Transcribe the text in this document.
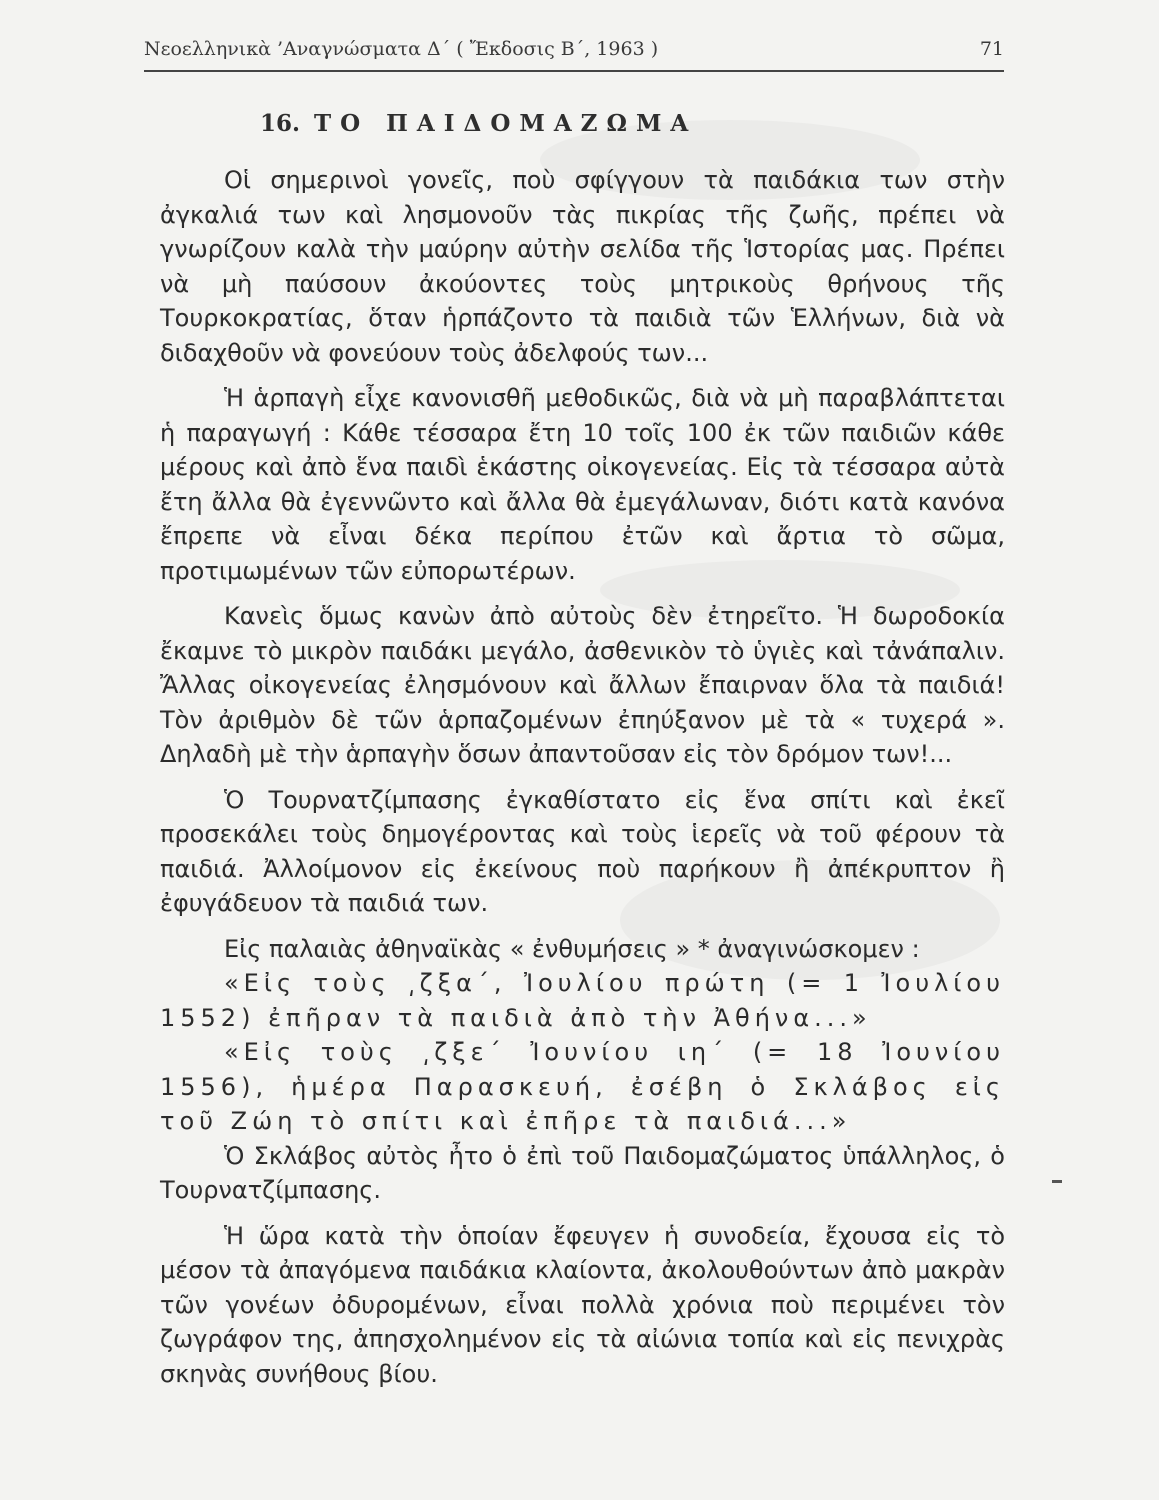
Νεοελληνικὰ ’Αναγνώσματα Δ΄ ( Ἔκδοσις Β΄, 1963 )	71
16. ΤΟ ΠΑΙΔΟΜΑΖΩΜΑ

Οἱ σημερινοὶ γονεῖς, ποὺ σφίγγουν τὰ παιδάκια των στὴν ἀγκαλιά των καὶ λησμονοῦν τὰς πικρίας τῆς ζωῆς, πρέπει νὰ γνωρίζουν καλὰ τὴν μαύρην αὐτὴν σελίδα τῆς Ἱστορίας μας. Πρέπει νὰ μὴ παύσουν ἀκούοντες τοὺς μητρικοὺς θρήνους τῆς Τουρκοκρατίας, ὅταν ἡρπάζοντο τὰ παιδιὰ τῶν Ἑλλήνων, διὰ νὰ διδαχθοῦν νὰ φονεύουν τοὺς ἀδελφούς των...

Ἡ ἁρπαγὴ εἶχε κανονισθῆ μεθοδικῶς, διὰ νὰ μὴ παραβλάπτεται ἡ παραγωγή : Κάθε τέσσαρα ἔτη 10 τοῖς 100 ἐκ τῶν παιδιῶν κάθε μέρους καὶ ἀπὸ ἕνα παιδὶ ἑκάστης οἰκογενείας. Εἰς τὰ τέσσαρα αὐτὰ ἔτη ἄλλα θὰ ἐγεννῶντο καὶ ἄλλα θὰ ἐμεγάλωναν, διότι κατὰ κανόνα ἔπρεπε νὰ εἶναι δέκα περίπου ἐτῶν καὶ ἄρτια τὸ σῶμα, προτιμωμένων τῶν εὐπορωτέρων.

Κανεὶς ὅμως κανὼν ἀπὸ αὐτοὺς δὲν ἐτηρεῖτο. Ἡ δωροδοκία ἔκαμνε τὸ μικρὸν παιδάκι μεγάλο, ἀσθενικὸν τὸ ὑγιὲς καὶ τἀνάπαλιν. Ἄλλας οἰκογενείας ἐλησμόνουν καὶ ἄλλων ἔπαιρναν ὅλα τὰ παιδιά! Τὸν ἀριθμὸν δὲ τῶν ἁρπαζομένων ἐπηύξανον μὲ τὰ « τυχερά ». Δηλαδὴ μὲ τὴν ἁρπαγὴν ὅσων ἀπαντοῦσαν εἰς τὸν δρόμον των!...

Ὁ Τουρνατζίμπασης ἐγκαθίστατο εἰς ἕνα σπίτι καὶ ἐκεῖ προσεκάλει τοὺς δημογέροντας καὶ τοὺς ἱερεῖς νὰ τοῦ φέρουν τὰ παιδιά. Ἀλλοίμονον εἰς ἐκείνους ποὺ παρήκουν ἢ ἀπέκρυπτον ἢ ἐφυγάδευον τὰ παιδιά των.

Εἰς παλαιὰς ἀθηναϊκὰς « ἐνθυμήσεις » * ἀναγινώσκομεν :

«Εἰς τοὺς ͵ζξα΄, Ἰουλίου πρώτη (= 1 Ἰουλίου 1552) ἐπῆραν τὰ παιδιὰ ἀπὸ τὴν Ἀθήνα...»

«Εἰς τοὺς ͵ζξε΄ Ἰουνίου ιη΄ (= 18 Ἰουνίου 1556), ἡμέρα Παρασκευή, ἐσέβη ὁ Σκλάβος εἰς τοῦ Ζώη τὸ σπίτι καὶ ἐπῆρε τὰ παιδιά...»

Ὁ Σκλάβος αὐτὸς ἦτο ὁ ἐπὶ τοῦ Παιδομαζώματος ὑπάλληλος, ὁ Τουρνατζίμπασης.

Ἡ ὥρα κατὰ τὴν ὁποίαν ἔφευγεν ἡ συνοδεία, ἔχουσα εἰς τὸ μέσον τὰ ἀπαγόμενα παιδάκια κλαίοντα, ἀκολουθούντων ἀπὸ μακρὰν τῶν γονέων ὀδυρομένων, εἶναι πολλὰ χρόνια ποὺ περιμένει τὸν ζωγράφον της, ἀπησχολημένον εἰς τὰ αἰώνια τοπία καὶ εἰς πενιχρὰς σκηνὰς συνήθους βίου.
